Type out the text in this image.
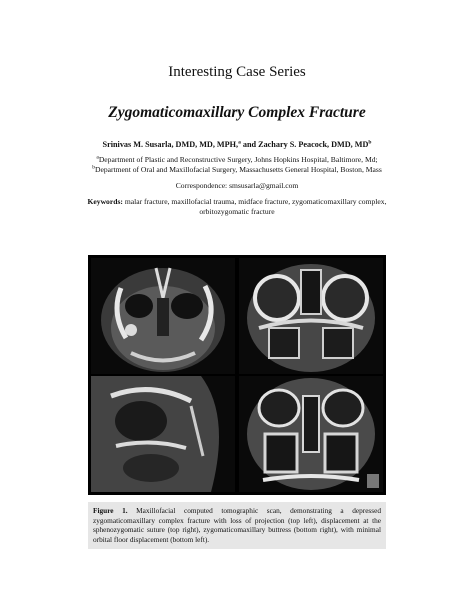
Interesting Case Series
Zygomaticomaxillary Complex Fracture
Srinivas M. Susarla, DMD, MD, MPH,$^a$ and Zachary S. Peacock, DMD, $MD^b$
$^a$Department of Plastic and Reconstructive Surgery, Johns Hopkins Hospital, Baltimore, Md;
$^b$Department of Oral and Maxillofacial Surgery, Massachusetts General Hospital, Boston, Mass
Correspondence: smsusarla@gmail.com
Keywords: malar fracture, maxillofacial trauma, midface fracture, zygomaticomaxillary complex, orbitozygomatic fracture
Figure 1. Maxillofacial computed tomographic scan, demonstrating a depressed zygomaticomaxillary complex fracture with loss of projection (top left), displacement at the sphenozygomatic suture (top right), zygomaticomaxillary buttress (bottom right), with minimal orbital floor displacement (bottom left).
